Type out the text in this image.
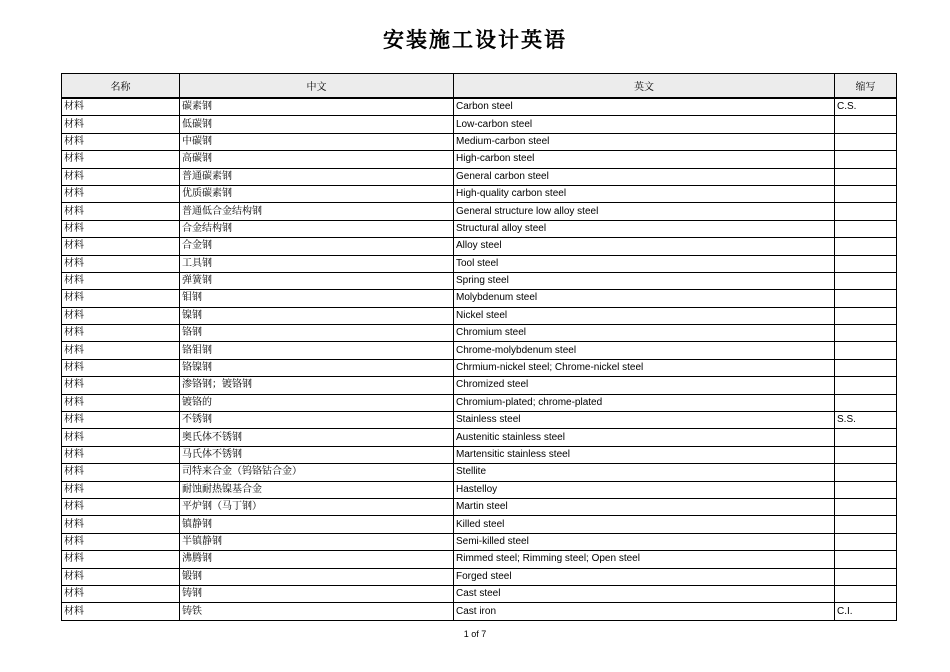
安装施工设计英语
名称	中文	英文	缩写
材料	碳素钢	Carbon steel	C.S.
材料	低碳钢	Low-carbon steel	
材料	中碳钢	Medium-carbon steel	
材料	高碳钢	High-carbon steel	
材料	普通碳素钢	General carbon steel	
材料	优质碳素钢	High-quality carbon steel	
材料	普通低合金结构钢	General structure low alloy steel	
材料	合金结构钢	Structural alloy steel	
材料	合金钢	Alloy steel	
材料	工具钢	Tool steel	
材料	弹簧钢	Spring steel	
材料	钼钢	Molybdenum steel	
材料	镍钢	Nickel steel	
材料	铬钢	Chromium steel	
材料	铬钼钢	Chrome-molybdenum steel	
材料	铬镍钢	Chrmium-nickel steel; Chrome-nickel steel	
材料	渗铬钢；镀铬钢	Chromized steel	
材料	镀铬的	Chromium-plated; chrome-plated	
材料	不锈钢	Stainless steel	S.S.
材料	奥氏体不锈钢	Austenitic stainless steel	
材料	马氏体不锈钢	Martensitic stainless steel	
材料	司特来合金（钨铬钴合金）	Stellite	
材料	耐蚀耐热镍基合金	Hastelloy	
材料	平炉钢（马丁钢）	Martin steel	
材料	镇静钢	Killed steel	
材料	半镇静钢	Semi-killed steel	
材料	沸腾钢	Rimmed steel; Rimming steel; Open steel	
材料	锻钢	Forged steel	
材料	铸钢	Cast steel	
材料	铸铁	Cast iron	C.I.
1 of 7
